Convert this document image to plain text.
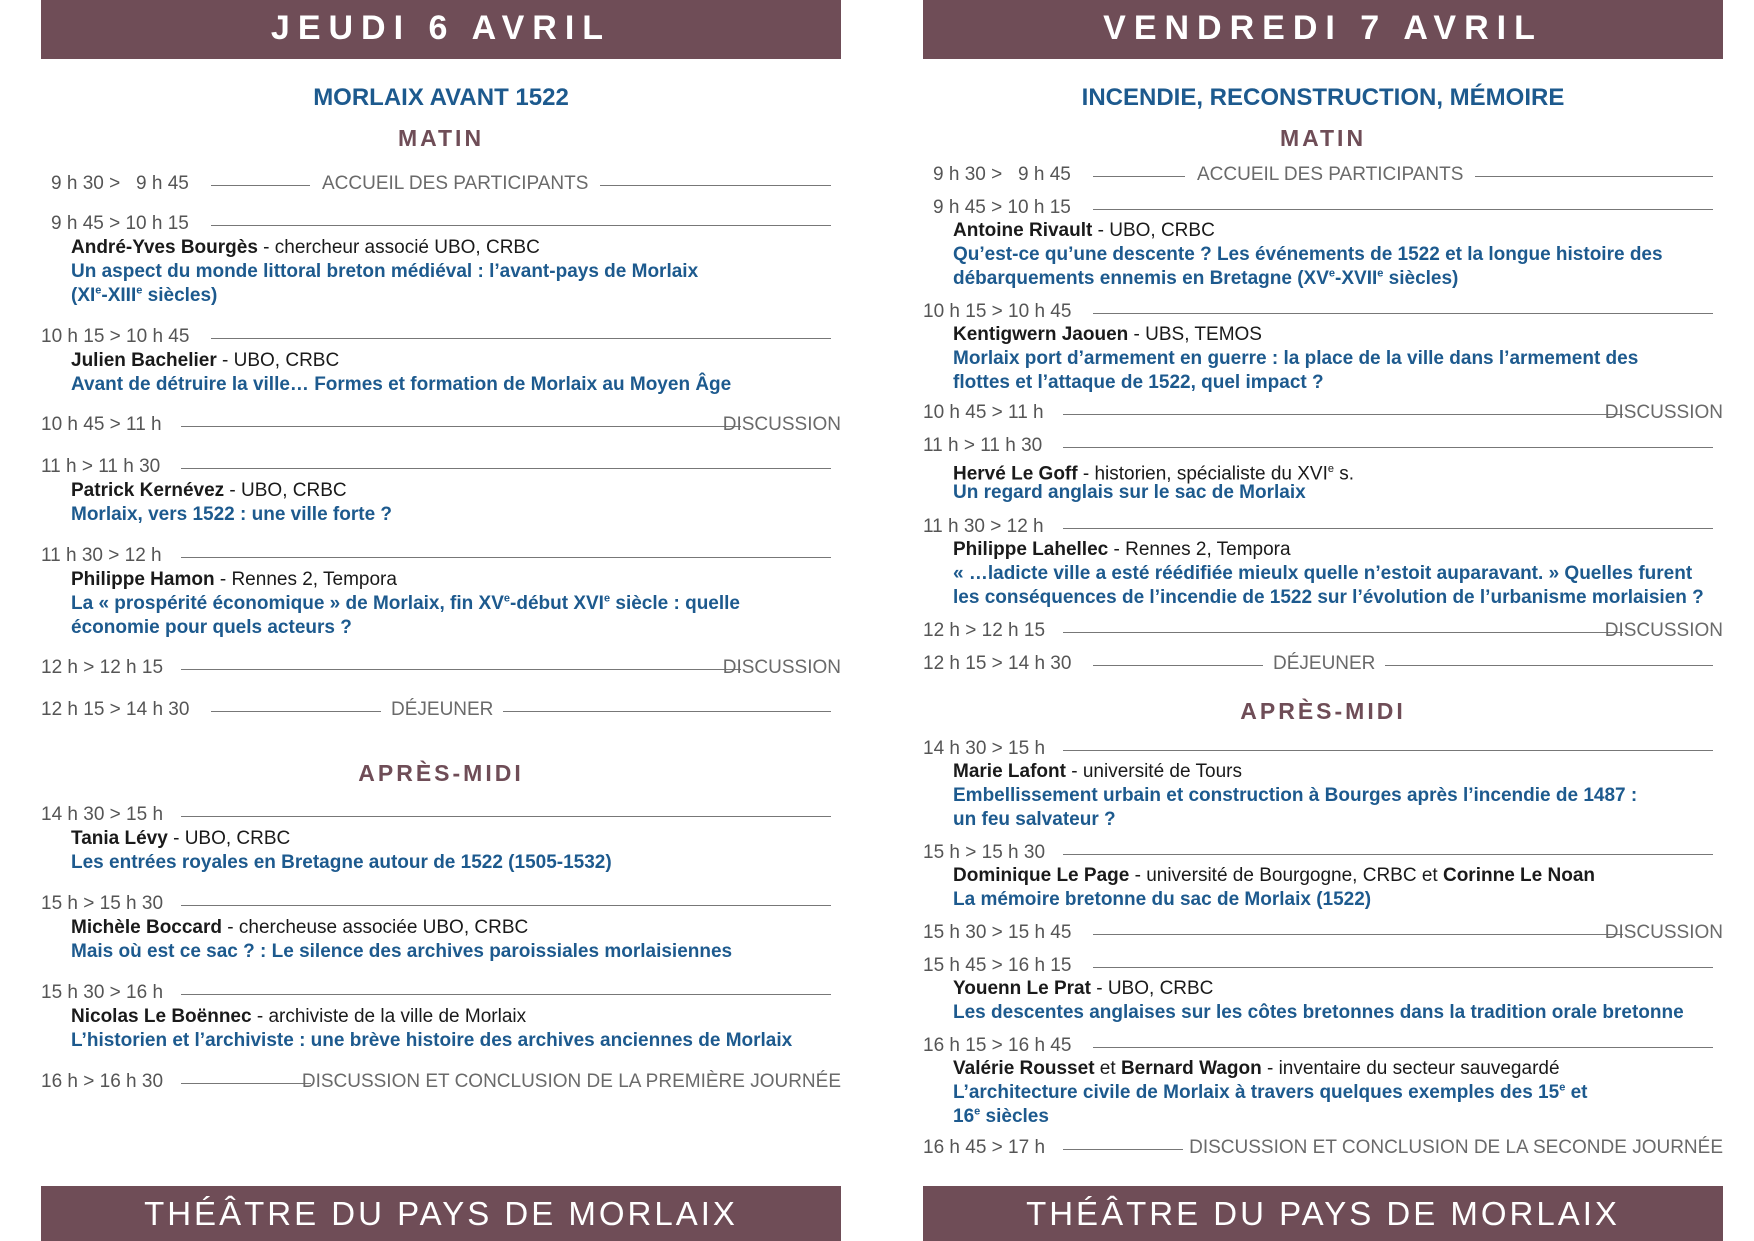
JEUDI 6 AVRIL
MORLAIX AVANT 1522
MATIN
9 h 30 >   9 h 45	ACCUEIL DES PARTICIPANTS
9 h 45 > 10 h 15
André-Yves Bourgès - chercheur associé UBO, CRBC
Un aspect du monde littoral breton médiéval : l’avant-pays de Morlaix
(XIe-XIIIe siècles)
10 h 15 > 10 h 45
Julien Bachelier - UBO, CRBC
Avant de détruire la ville… Formes et formation de Morlaix au Moyen Âge
10 h 45 > 11 h	DISCUSSION
11 h > 11 h 30
Patrick Kernévez - UBO, CRBC
Morlaix, vers 1522 : une ville forte ?
11 h 30 > 12 h
Philippe Hamon - Rennes 2, Tempora
La « prospérité économique » de Morlaix, fin XVe-début XVIe siècle : quelle
économie pour quels acteurs ?
12 h > 12 h 15	DISCUSSION
12 h 15 > 14 h 30	DÉJEUNER
APRÈS-MIDI
14 h 30 > 15 h
Tania Lévy - UBO, CRBC
Les entrées royales en Bretagne autour de 1522 (1505-1532)
15 h > 15 h 30
Michèle Boccard - chercheuse associée UBO, CRBC
Mais où est ce sac ? : Le silence des archives paroissiales morlaisiennes
15 h 30 > 16 h
Nicolas Le Boënnec - archiviste de la ville de Morlaix
L’historien et l’archiviste : une brève histoire des archives anciennes de Morlaix
16 h > 16 h 30	DISCUSSION ET CONCLUSION DE LA PREMIÈRE JOURNÉE
THÉÂTRE DU PAYS DE MORLAIX
VENDREDI 7 AVRIL
INCENDIE, RECONSTRUCTION, MÉMOIRE
MATIN
9 h 30 >   9 h 45	ACCUEIL DES PARTICIPANTS
9 h 45 > 10 h 15
Antoine Rivault - UBO, CRBC
Qu’est-ce qu’une descente ? Les événements de 1522 et la longue histoire des
débarquements ennemis en Bretagne (XVe-XVIIe siècles)
10 h 15 > 10 h 45
Kentigwern Jaouen - UBS, TEMOS
Morlaix port d’armement en guerre : la place de la ville dans l’armement des
flottes et l’attaque de 1522, quel impact ?
10 h 45 > 11 h	DISCUSSION
11 h > 11 h 30
Hervé Le Goff - historien, spécialiste du XVIe s.
Un regard anglais sur le sac de Morlaix
11 h 30 > 12 h
Philippe Lahellec - Rennes 2, Tempora
« …ladicte ville a esté réédifiée mieulx quelle n’estoit auparavant. » Quelles furent
les conséquences de l’incendie de 1522 sur l’évolution de l’urbanisme morlaisien ?
12 h > 12 h 15	DISCUSSION
12 h 15 > 14 h 30	DÉJEUNER
APRÈS-MIDI
14 h 30 > 15 h
Marie Lafont - université de Tours
Embellissement urbain et construction à Bourges après l’incendie de 1487 :
un feu salvateur ?
15 h > 15 h 30
Dominique Le Page - université de Bourgogne, CRBC et Corinne Le Noan
La mémoire bretonne du sac de Morlaix (1522)
15 h 30 > 15 h 45	DISCUSSION
15 h 45 > 16 h 15
Youenn Le Prat - UBO, CRBC
Les descentes anglaises sur les côtes bretonnes dans la tradition orale bretonne
16 h 15 > 16 h 45
Valérie Rousset et Bernard Wagon - inventaire du secteur sauvegardé
L’architecture civile de Morlaix à travers quelques exemples des 15e et
16e siècles
16 h 45 > 17 h	DISCUSSION ET CONCLUSION DE LA SECONDE JOURNÉE
THÉÂTRE DU PAYS DE MORLAIX
